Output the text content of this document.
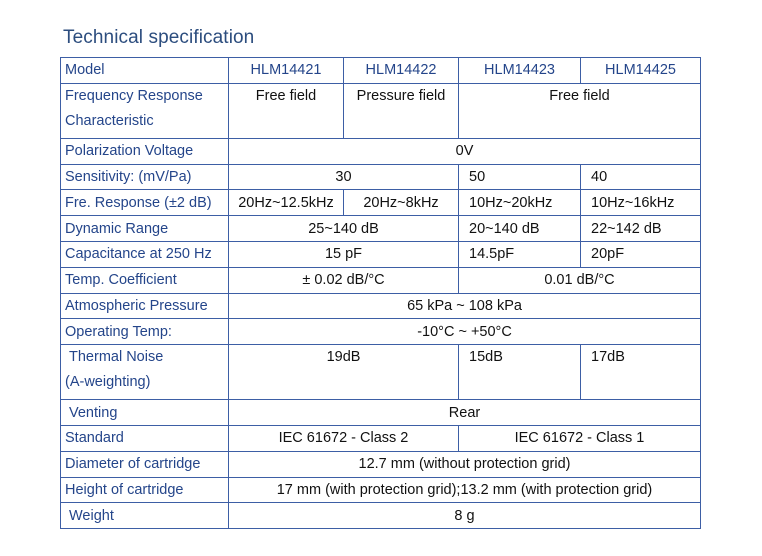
Technical specification
Model	HLM14421	HLM14422	HLM14423	HLM14425

Frequency Response
Characteristic	Free field	Pressure field	Free field	
Polarization Voltage	0V			
Sensitivity: (mV/Pa)	30		50	40
Fre. Response (±2 dB)	20Hz~12.5kHz	20Hz~8kHz	10Hz~20kHz	10Hz~16kHz
Dynamic Range	25~140 dB		20~140 dB	22~142 dB
Capacitance at 250 Hz	15 pF		14.5pF	20pF
Temp. Coefficient	± 0.02 dB/°C		0.01 dB/°C	
Atmospheric Pressure	65 kPa ~ 108 kPa			
Operating Temp:	-10°C ~ +50°C			

Thermal Noise
(A-weighting)	19dB		15dB	17dB
Venting	Rear			
Standard	IEC 61672 - Class 2		IEC 61672 - Class 1	
Diameter of cartridge	12.7 mm (without protection grid)			
Height of cartridge	17 mm (with protection grid);13.2 mm (with protection grid)			
Weight	8 g			
